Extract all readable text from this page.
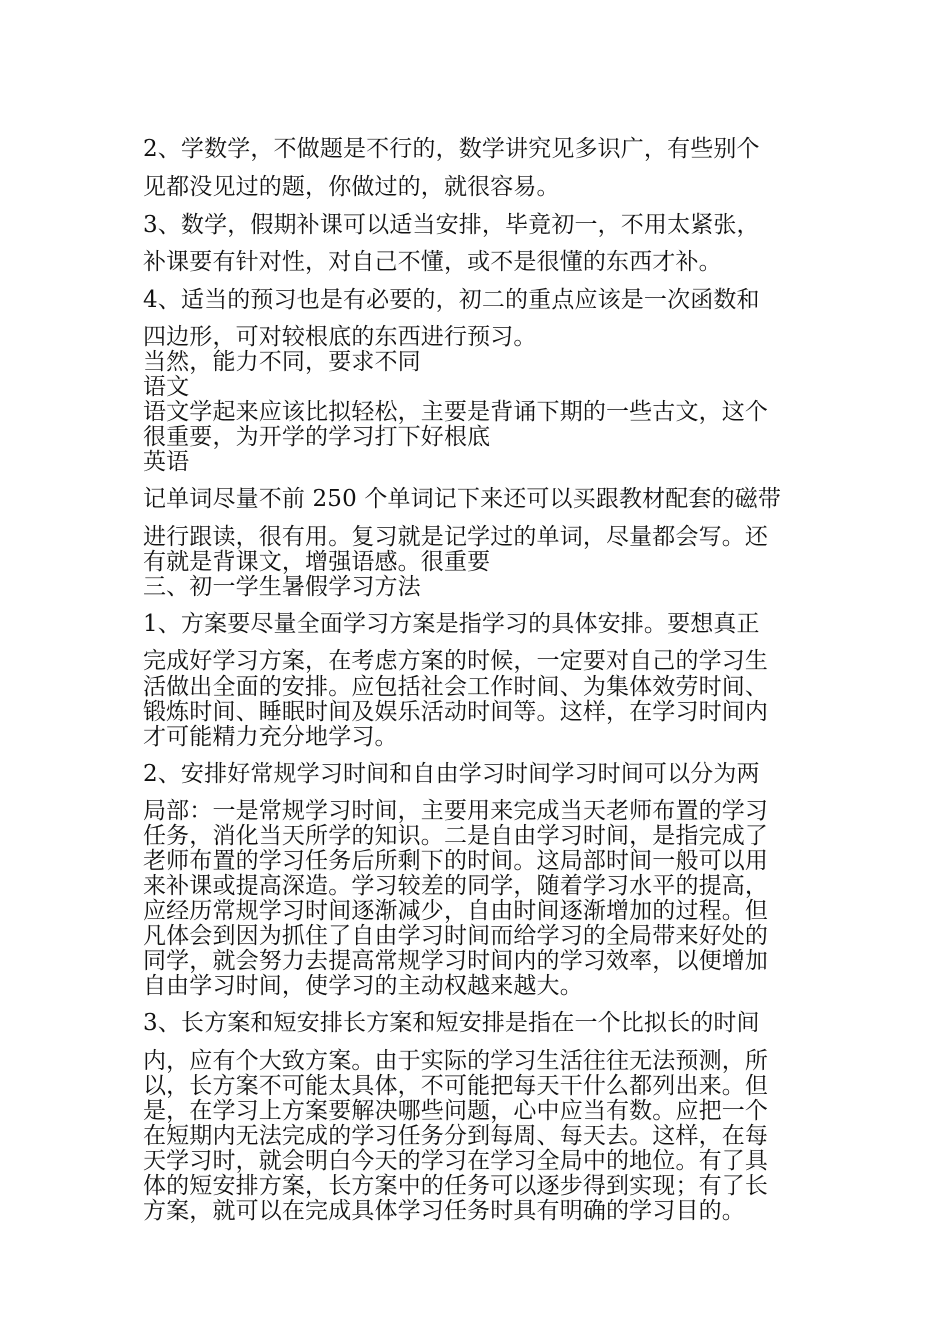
2、学数学，不做题是不行的，数学讲究见多识广，有些别个
见都没见过的题，你做过的，就很容易。
3、数学，假期补课可以适当安排，毕竟初一，不用太紧张，
补课要有针对性，对自己不懂，或不是很懂的东西才补。
4、适当的预习也是有必要的，初二的重点应该是一次函数和
四边形，可对较根底的东西进行预习。
当然，能力不同，要求不同
语文
语文学起来应该比拟轻松，主要是背诵下期的一些古文，这个
很重要，为开学的学习打下好根底
英语
记单词尽量不前 250 个单词记下来还可以买跟教材配套的磁带
进行跟读，很有用。复习就是记学过的单词，尽量都会写。还
有就是背课文，增强语感。很重要
三、初一学生暑假学习方法
1、方案要尽量全面学习方案是指学习的具体安排。要想真正
完成好学习方案，在考虑方案的时候，一定要对自己的学习生
活做出全面的安排。应包括社会工作时间、为集体效劳时间、
锻炼时间、睡眠时间及娱乐活动时间等。这样，在学习时间内
才可能精力充分地学习。
2、安排好常规学习时间和自由学习时间学习时间可以分为两
局部：一是常规学习时间，主要用来完成当天老师布置的学习
任务，消化当天所学的知识。二是自由学习时间，是指完成了
老师布置的学习任务后所剩下的时间。这局部时间一般可以用
来补课或提高深造。学习较差的同学，随着学习水平的提高，
应经历常规学习时间逐渐减少，自由时间逐渐增加的过程。但
凡体会到因为抓住了自由学习时间而给学习的全局带来好处的
同学，就会努力去提高常规学习时间内的学习效率，以便增加
自由学习时间，使学习的主动权越来越大。
3、长方案和短安排长方案和短安排是指在一个比拟长的时间
内，应有个大致方案。由于实际的学习生活往往无法预测，所
以，长方案不可能太具体，不可能把每天干什么都列出来。但
是，在学习上方案要解决哪些问题，心中应当有数。应把一个
在短期内无法完成的学习任务分到每周、每天去。这样，在每
天学习时，就会明白今天的学习在学习全局中的地位。有了具
体的短安排方案，长方案中的任务可以逐步得到实现；有了长
方案，就可以在完成具体学习任务时具有明确的学习目的。
